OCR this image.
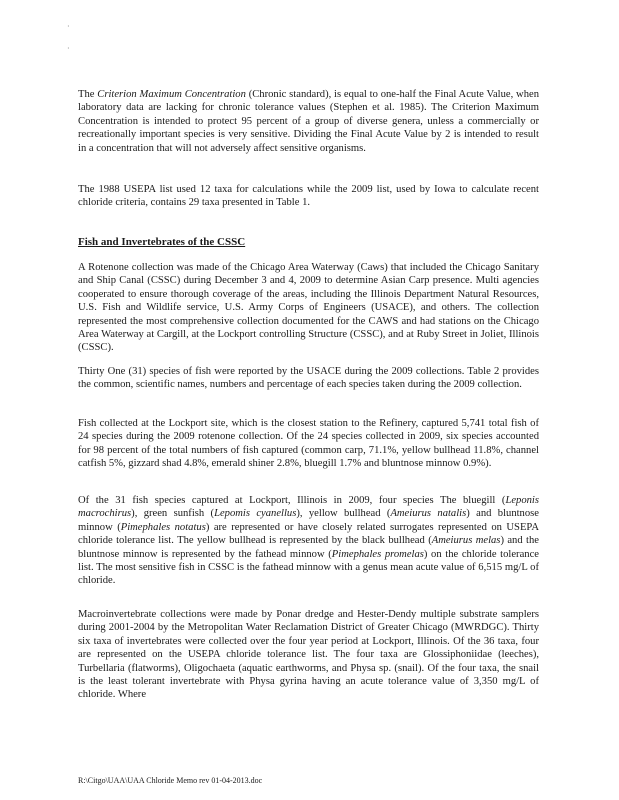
·
·

The Criterion Maximum Concentration (Chronic standard), is equal to one-half the Final Acute Value, when laboratory data are lacking for chronic tolerance values (Stephen et al. 1985). The Criterion Maximum Concentration is intended to protect 95 percent of a group of diverse genera, unless a commercially or recreationally important species is very sensitive. Dividing the Final Acute Value by 2 is intended to result in a concentration that will not adversely affect sensitive organisms.

The 1988 USEPA list used 12 taxa for calculations while the 2009 list, used by Iowa to calculate recent chloride criteria, contains 29 taxa presented in Table 1.

Fish and Invertebrates of the CSSC

A Rotenone collection was made of the Chicago Area Waterway (Caws) that included the Chicago Sanitary and Ship Canal (CSSC) during December 3 and 4, 2009 to determine Asian Carp presence. Multi agencies cooperated to ensure thorough coverage of the areas, including the Illinois Department Natural Resources, U.S. Fish and Wildlife service, U.S. Army Corps of Engineers (USACE), and others. The collection represented the most comprehensive collection documented for the CAWS and had stations on the Chicago Area Waterway at Cargill, at the Lockport controlling Structure (CSSC), and at Ruby Street in Joliet, Illinois (CSSC).

Thirty One (31) species of fish were reported by the USACE during the 2009 collections. Table 2 provides the common, scientific names, numbers and percentage of each species taken during the 2009 collection.

Fish collected at the Lockport site, which is the closest station to the Refinery, captured 5,741 total fish of 24 species during the 2009 rotenone collection. Of the 24 species collected in 2009, six species accounted for 98 percent of the total numbers of fish captured (common carp, 71.1%, yellow bullhead 11.8%, channel catfish 5%, gizzard shad 4.8%, emerald shiner 2.8%, bluegill 1.7% and bluntnose minnow 0.9%).

Of the 31 fish species captured at Lockport, Illinois in 2009, four species The bluegill (Leponis macrochirus), green sunfish (Lepomis cyanellus), yellow bullhead (Ameiurus natalis) and bluntnose minnow (Pimephales notatus) are represented or have closely related surrogates represented on USEPA chloride tolerance list. The yellow bullhead is represented by the black bullhead (Ameiurus melas) and the bluntnose minnow is represented by the fathead minnow (Pimephales promelas) on the chloride tolerance list. The most sensitive fish in CSSC is the fathead minnow with a genus mean acute value of 6,515 mg/L of chloride.

Macroinvertebrate collections were made by Ponar dredge and Hester-Dendy multiple substrate samplers during 2001-2004 by the Metropolitan Water Reclamation District of Greater Chicago (MWRDGC). Thirty six taxa of invertebrates were collected over the four year period at Lockport, Illinois. Of the 36 taxa, four are represented on the USEPA chloride tolerance list. The four taxa are Glossiphoniidae (leeches), Turbellaria (flatworms), Oligochaeta (aquatic earthworms, and Physa sp. (snail). Of the four taxa, the snail is the least tolerant invertebrate with Physa gyrina having an acute tolerance value of 3,350 mg/L of chloride. Where

R:\Citgo\UAA\UAA Chloride Memo rev 01-04-2013.doc
